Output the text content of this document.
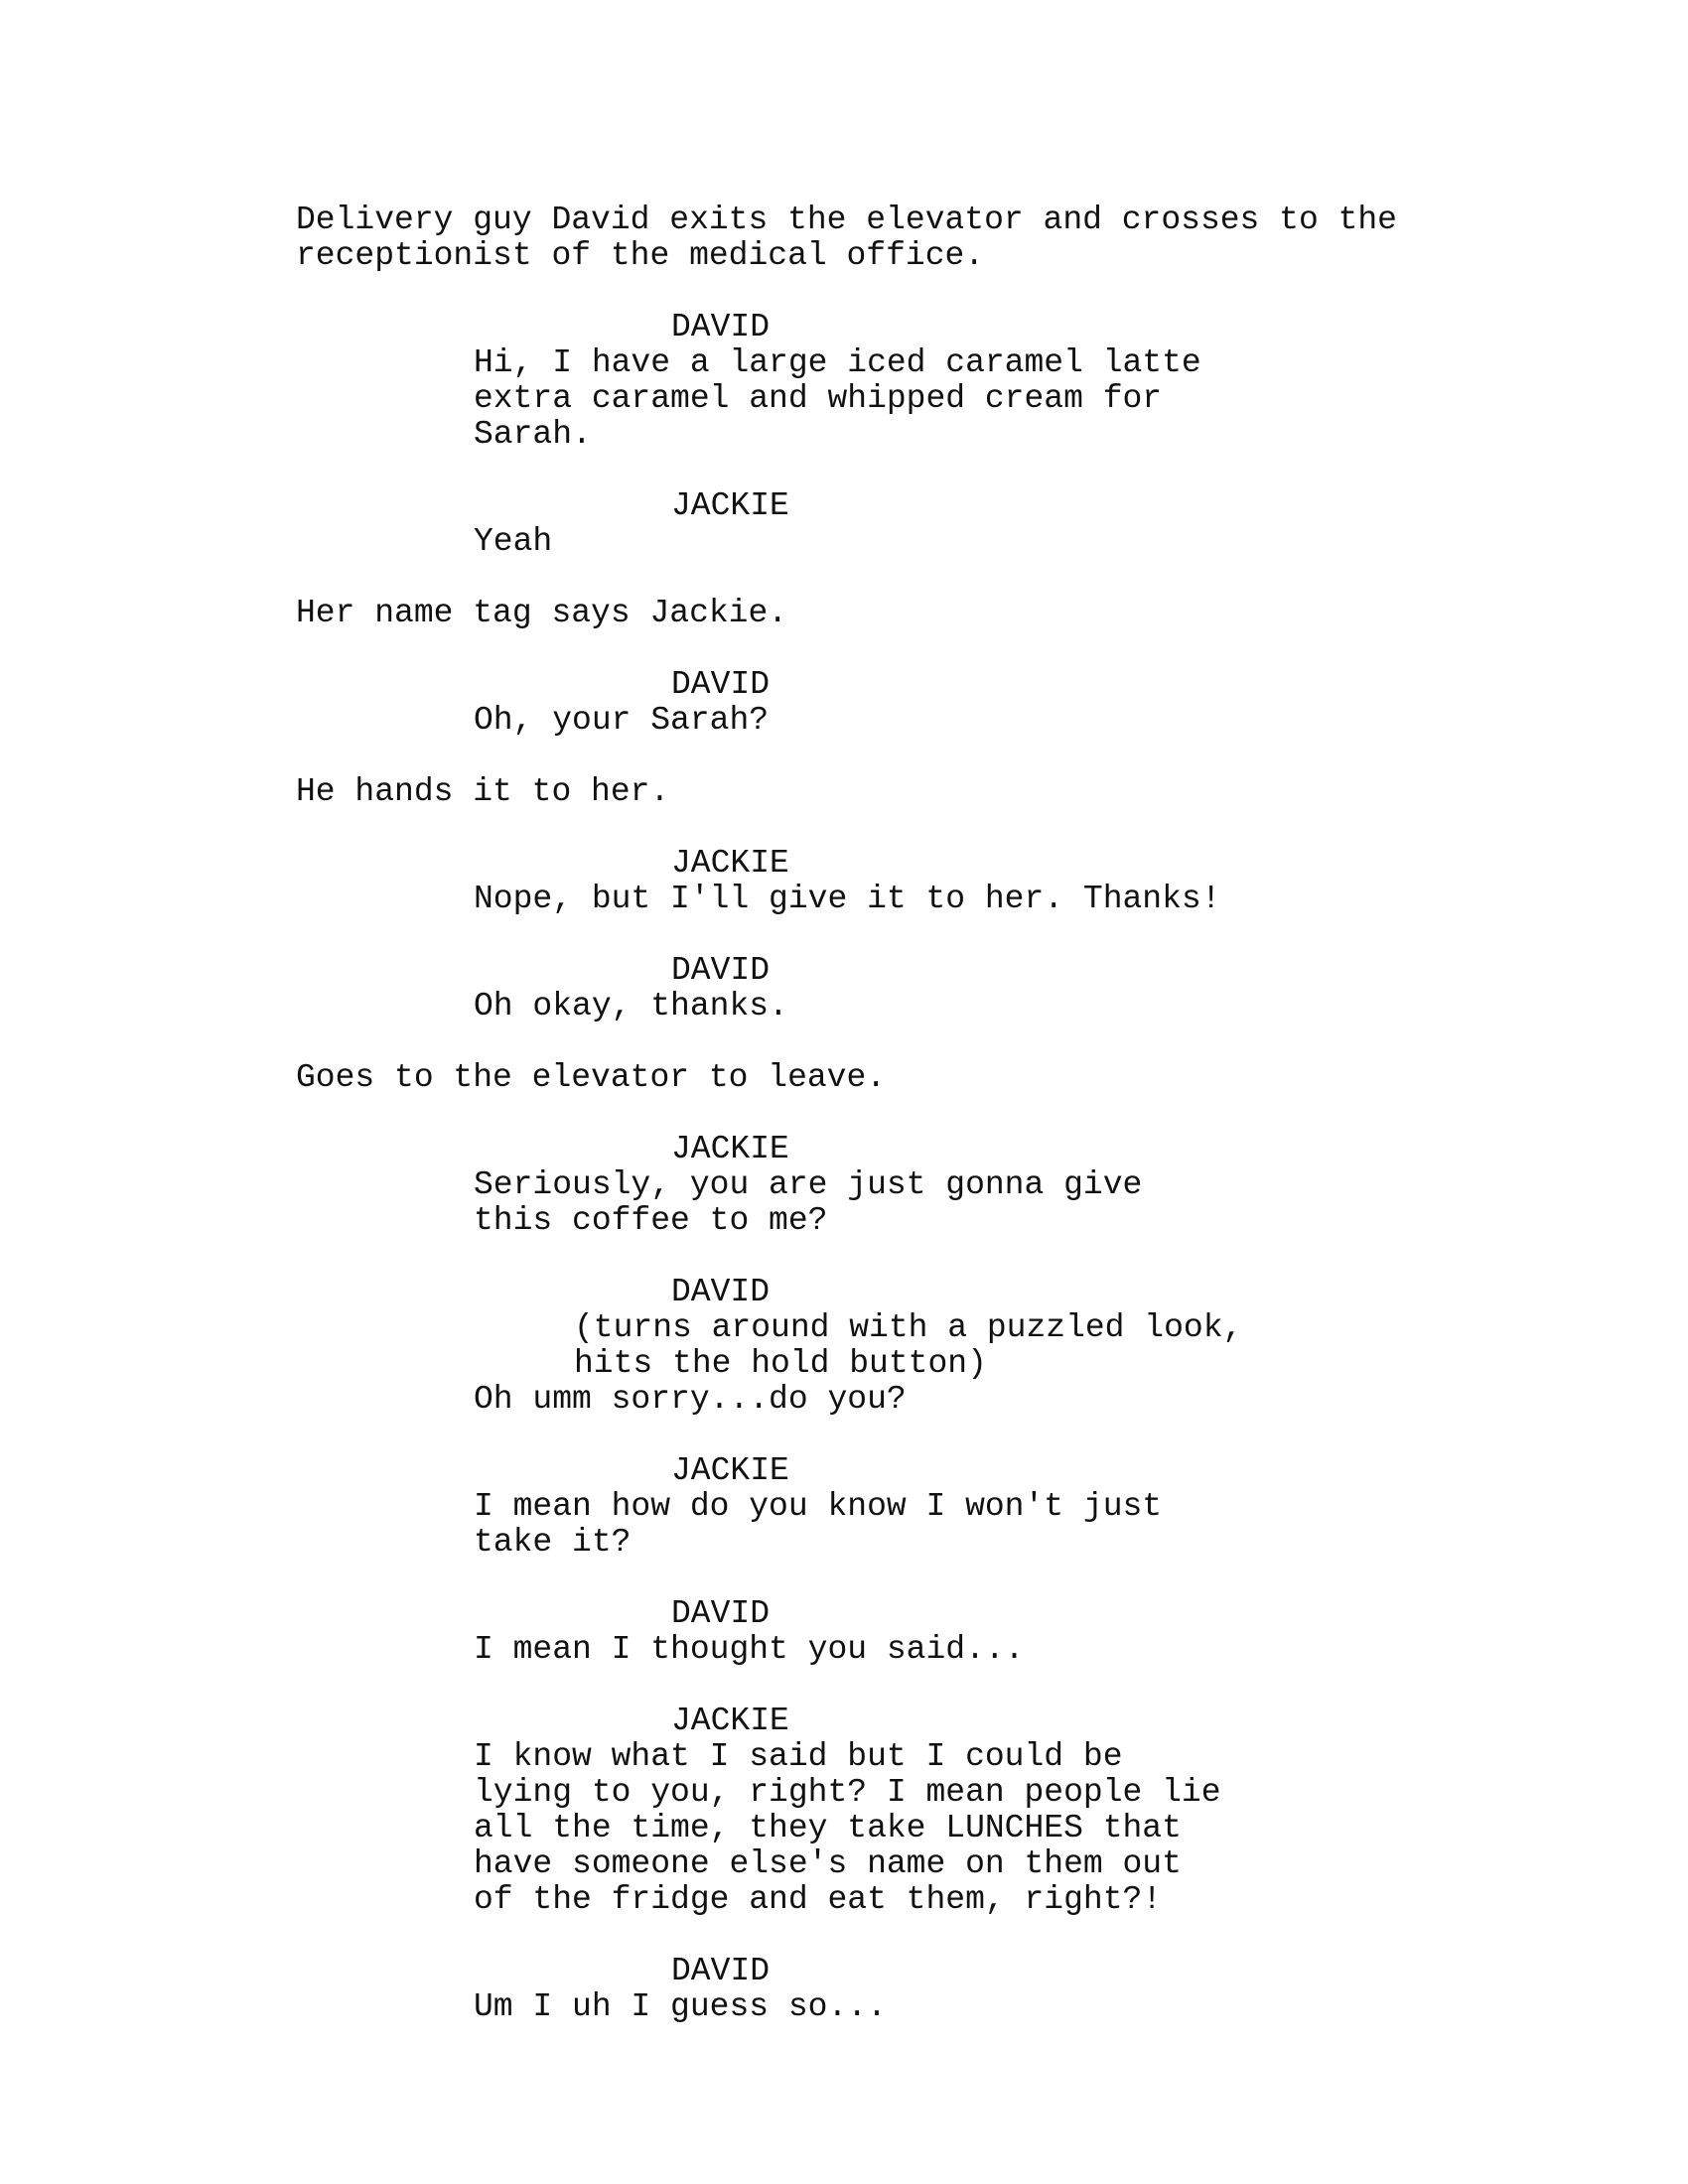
Delivery guy David exits the elevator and crosses to the
receptionist of the medical office.
DAVID
Hi, I have a large iced caramel latte
extra caramel and whipped cream for
Sarah.
JACKIE
Yeah
Her name tag says Jackie.
DAVID
Oh, your Sarah?
He hands it to her.
JACKIE
Nope, but I'll give it to her. Thanks!
DAVID
Oh okay, thanks.
Goes to the elevator to leave.
JACKIE
Seriously, you are just gonna give
this coffee to me?
DAVID
(turns around with a puzzled look,
hits the hold button)
Oh umm sorry...do you?
JACKIE
I mean how do you know I won't just
take it?
DAVID
I mean I thought you said...
JACKIE
I know what I said but I could be
lying to you, right? I mean people lie
all the time, they take LUNCHES that
have someone else's name on them out
of the fridge and eat them, right?!
DAVID
Um I uh I guess so...
